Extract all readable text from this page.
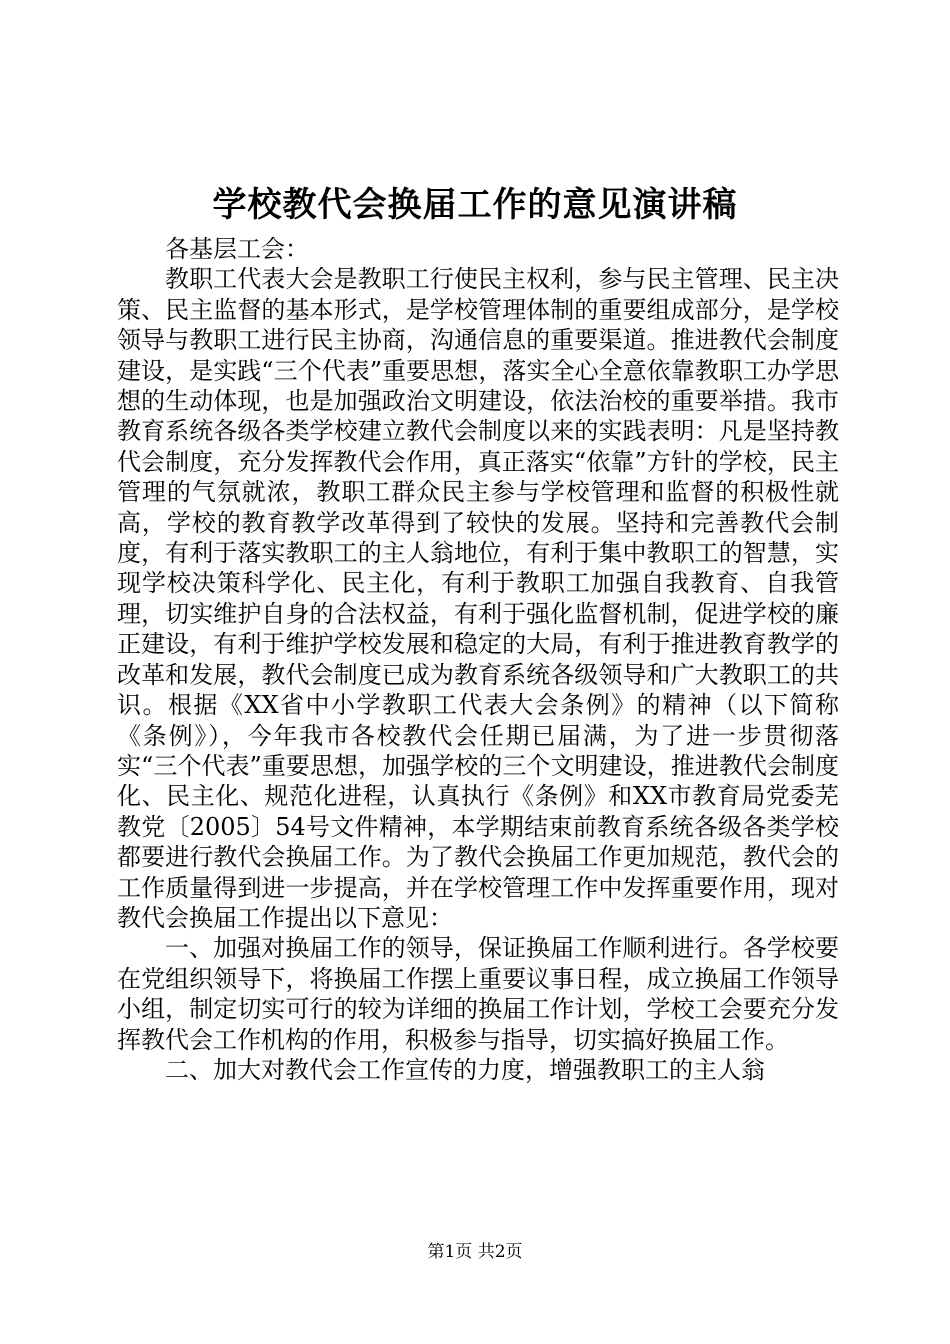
学校教代会换届工作的意见演讲稿

各基层工会：

教职工代表大会是教职工行使民主权利，参与民主管理、民主决策、民主监督的基本形式，是学校管理体制的重要组成部分，是学校领导与教职工进行民主协商，沟通信息的重要渠道。推进教代会制度建设，是实践“三个代表”重要思想，落实全心全意依靠教职工办学思想的生动体现，也是加强政治文明建设，依法治校的重要举措。我市教育系统各级各类学校建立教代会制度以来的实践表明：凡是坚持教代会制度，充分发挥教代会作用，真正落实“依靠”方针的学校，民主管理的气氛就浓，教职工群众民主参与学校管理和监督的积极性就高，学校的教育教学改革得到了较快的发展。坚持和完善教代会制度，有利于落实教职工的主人翁地位，有利于集中教职工的智慧，实现学校决策科学化、民主化，有利于教职工加强自我教育、自我管理，切实维护自身的合法权益，有利于强化监督机制，促进学校的廉正建设，有利于维护学校发展和稳定的大局，有利于推进教育教学的改革和发展，教代会制度已成为教育系统各级领导和广大教职工的共识。根据《XX省中小学教职工代表大会条例》的精神（以下简称《条例》），今年我市各校教代会任期已届满，为了进一步贯彻落实“三个代表”重要思想，加强学校的三个文明建设，推进教代会制度化、民主化、规范化进程，认真执行《条例》和XX市教育局党委芜教党〔2005〕54号文件精神，本学期结束前教育系统各级各类学校都要进行教代会换届工作。为了教代会换届工作更加规范，教代会的工作质量得到进一步提高，并在学校管理工作中发挥重要作用，现对教代会换届工作提出以下意见：

一、加强对换届工作的领导，保证换届工作顺利进行。各学校要在党组织领导下，将换届工作摆上重要议事日程，成立换届工作领导小组，制定切实可行的较为详细的换届工作计划，学校工会要充分发挥教代会工作机构的作用，积极参与指导，切实搞好换届工作。

二、加大对教代会工作宣传的力度，增强教职工的主人翁

第1页 共2页
